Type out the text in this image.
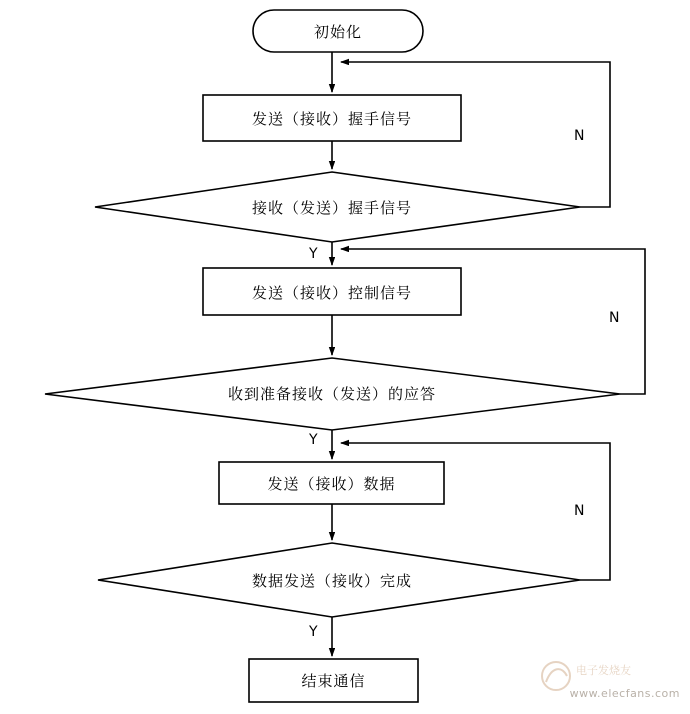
初始化
发送（接收）握手信号
接收（发送）握手信号
发送（接收）控制信号
收到准备接收（发送）的应答
发送（接收）数据
数据发送（接收）完成
结束通信
Y
N
Y
N
Y
N
电子发烧友
www.elecfans.com
